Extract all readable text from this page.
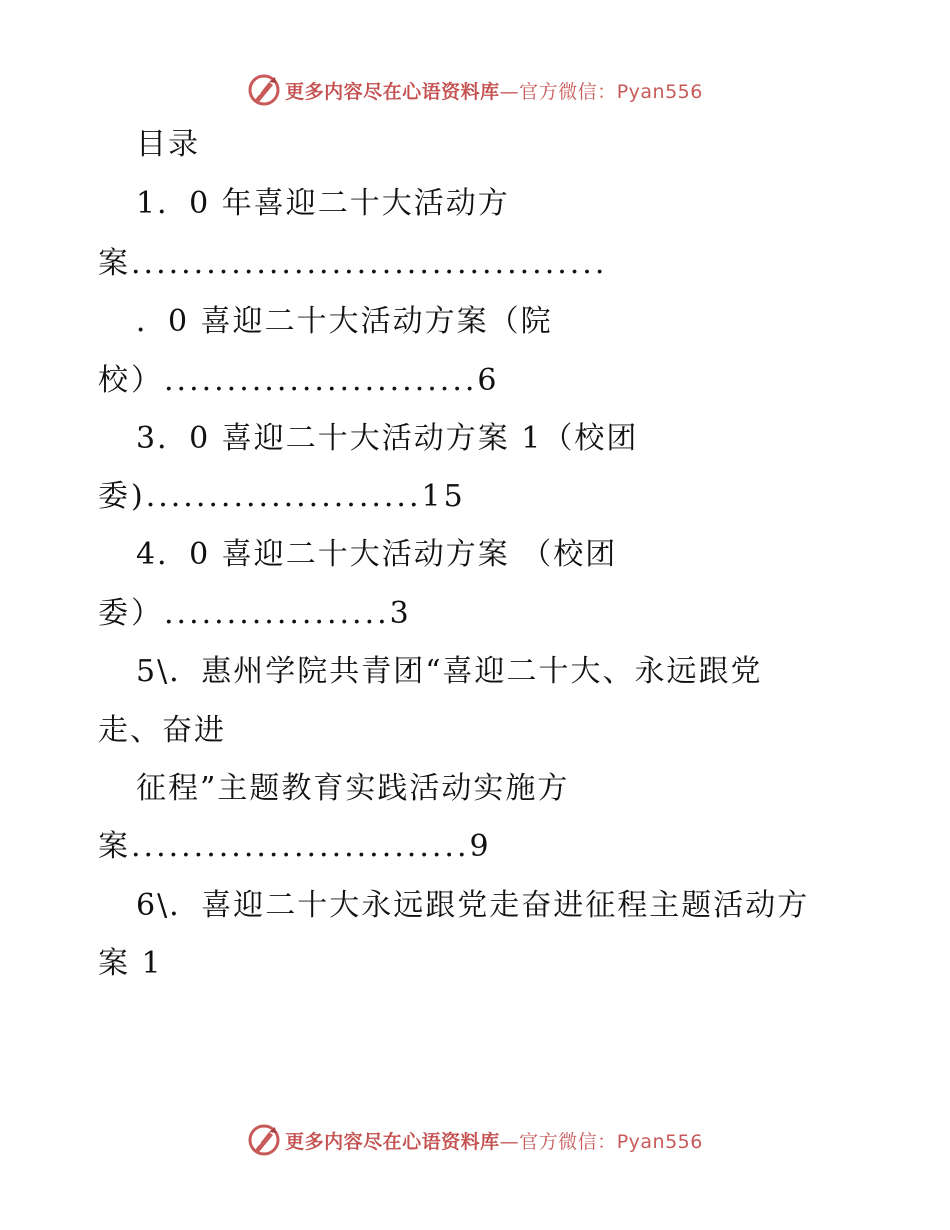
更多内容尽在心语资料库—官方微信：Pyan556
目录
1．0 年喜迎二十大活动方
案......................................
．0 喜迎二十大活动方案（院
校）.........................6
3．0 喜迎二十大活动方案 1（校团
委)......................15
4．0 喜迎二十大活动方案 （校团
委）..................3
5\．惠州学院共青团“喜迎二十大、永远跟党
走、奋进
征程”主题教育实践活动实施方
案...........................9
6\．喜迎二十大永远跟党走奋进征程主题活动方
案 1
更多内容尽在心语资料库—官方微信：Pyan556
